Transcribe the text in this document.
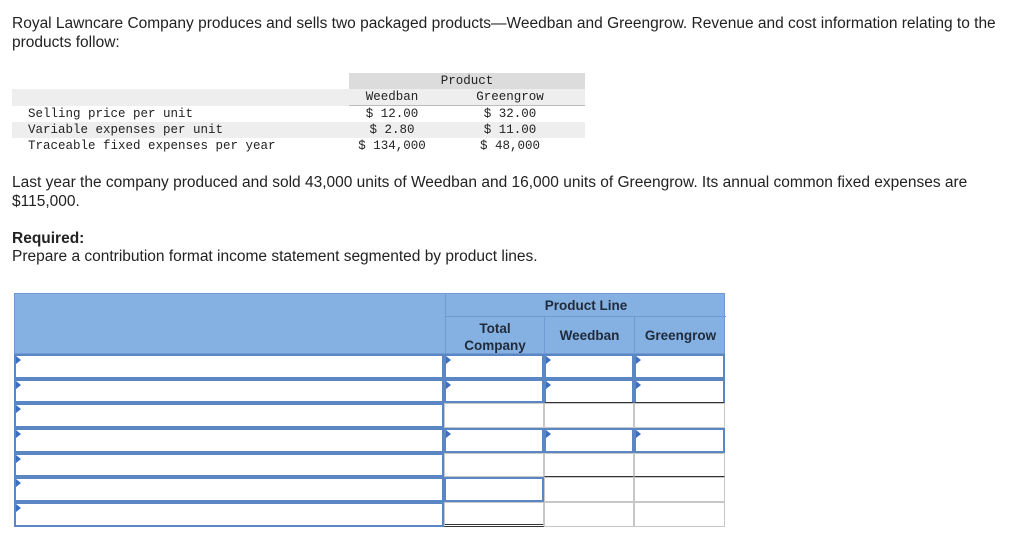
Royal Lawncare Company produces and sells two packaged products—Weedban and Greengrow. Revenue and cost information relating to the products follow:

	Product	
	Weedban	Greengrow
Selling price per unit	$ 12.00	$ 32.00
Variable expenses per unit	$ 2.80	$ 11.00
Traceable fixed expenses per year	$ 134,000	$ 48,000

Last year the company produced and sold 43,000 units of Weedban and 16,000 units of Greengrow. Its annual common fixed expenses are $115,000.

Required:

Prepare a contribution format income statement segmented by product lines.

Product Line
Total
Company
Weedban	Greengrow
